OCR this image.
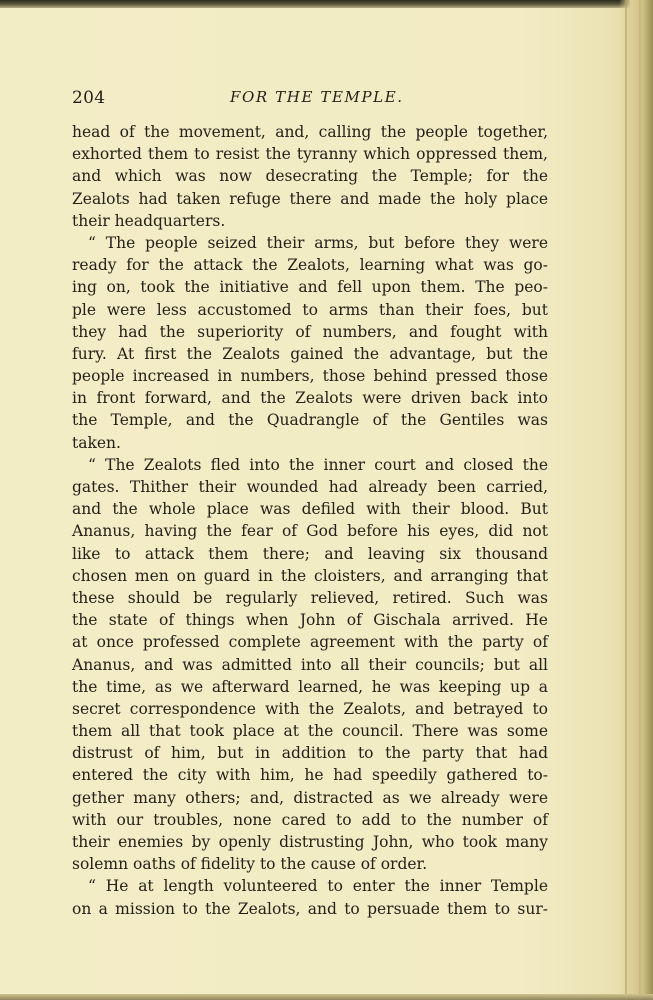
204	FOR THE TEMPLE.
head of the movement, and, calling the people together,
exhorted them to resist the tyranny which oppressed them,
and which was now desecrating the Temple; for the
Zealots had taken refuge there and made the holy place
their headquarters.
“ The people seized their arms, but before they were
ready for the attack the Zealots, learning what was go-
ing on, took the initiative and fell upon them. The peo-
ple were less accustomed to arms than their foes, but
they had the superiority of numbers, and fought with
fury. At first the Zealots gained the advantage, but the
people increased in numbers, those behind pressed those
in front forward, and the Zealots were driven back into
the Temple, and the Quadrangle of the Gentiles was
taken.
“ The Zealots fled into the inner court and closed the
gates. Thither their wounded had already been carried,
and the whole place was defiled with their blood. But
Ananus, having the fear of God before his eyes, did not
like to attack them there; and leaving six thousand
chosen men on guard in the cloisters, and arranging that
these should be regularly relieved, retired. Such was
the state of things when John of Gischala arrived. He
at once professed complete agreement with the party of
Ananus, and was admitted into all their councils; but all
the time, as we afterward learned, he was keeping up a
secret correspondence with the Zealots, and betrayed to
them all that took place at the council. There was some
distrust of him, but in addition to the party that had
entered the city with him, he had speedily gathered to-
gether many others; and, distracted as we already were
with our troubles, none cared to add to the number of
their enemies by openly distrusting John, who took many
solemn oaths of fidelity to the cause of order.
“ He at length volunteered to enter the inner Temple
on a mission to the Zealots, and to persuade them to sur-
